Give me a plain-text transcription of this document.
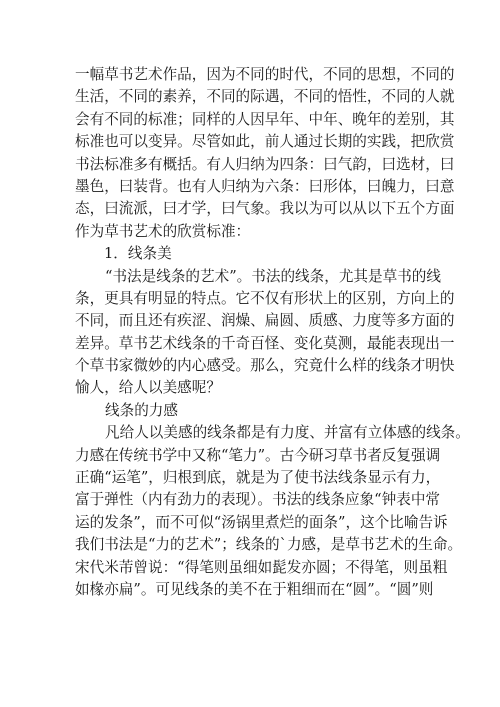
一幅草书艺术作品，因为不同的时代，不同的思想，不同的
生活，不同的素养，不同的际遇，不同的悟性，不同的人就
会有不同的标准；同样的人因早年、中年、晚年的差别，其
标准也可以变异。尽管如此，前人通过长期的实践，把欣赏
书法标准多有概括。有人归纳为四条：曰气韵，曰选材，曰
墨色，曰装背。也有人归纳为六条：曰形体，曰魄力，曰意
态，曰流派，曰才学，曰气象。我以为可以从以下五个方面
作为草书艺术的欣赏标准：
1．线条美
“书法是线条的艺术”。书法的线条，尤其是草书的线
条，更具有明显的特点。它不仅有形状上的区别，方向上的
不同，而且还有疾涩、润燥、扁圆、质感、力度等多方面的
差异。草书艺术线条的千奇百怪、变化莫测，最能表现出一
个草书家微妙的内心感受。那么，究竟什么样的线条才明快
愉人，给人以美感呢？
线条的力感
凡给人以美感的线条都是有力度、并富有立体感的线条。
力感在传统书学中又称“笔力”。古今研习草书者反复强调
正确“运笔”，归根到底，就是为了使书法线条显示有力，
富于弹性（内有劲力的表现）。书法的线条应象“钟表中常
运的发条”，而不可似“汤锅里煮烂的面条”，这个比喻告诉
我们书法是“力的艺术”；线条的`力感，是草书艺术的生命。
宋代米芾曾说：“得笔则虽细如髭发亦圆；不得笔，则虽粗
如椽亦扁”。可见线条的美不在于粗细而在“圆”。“圆”则
